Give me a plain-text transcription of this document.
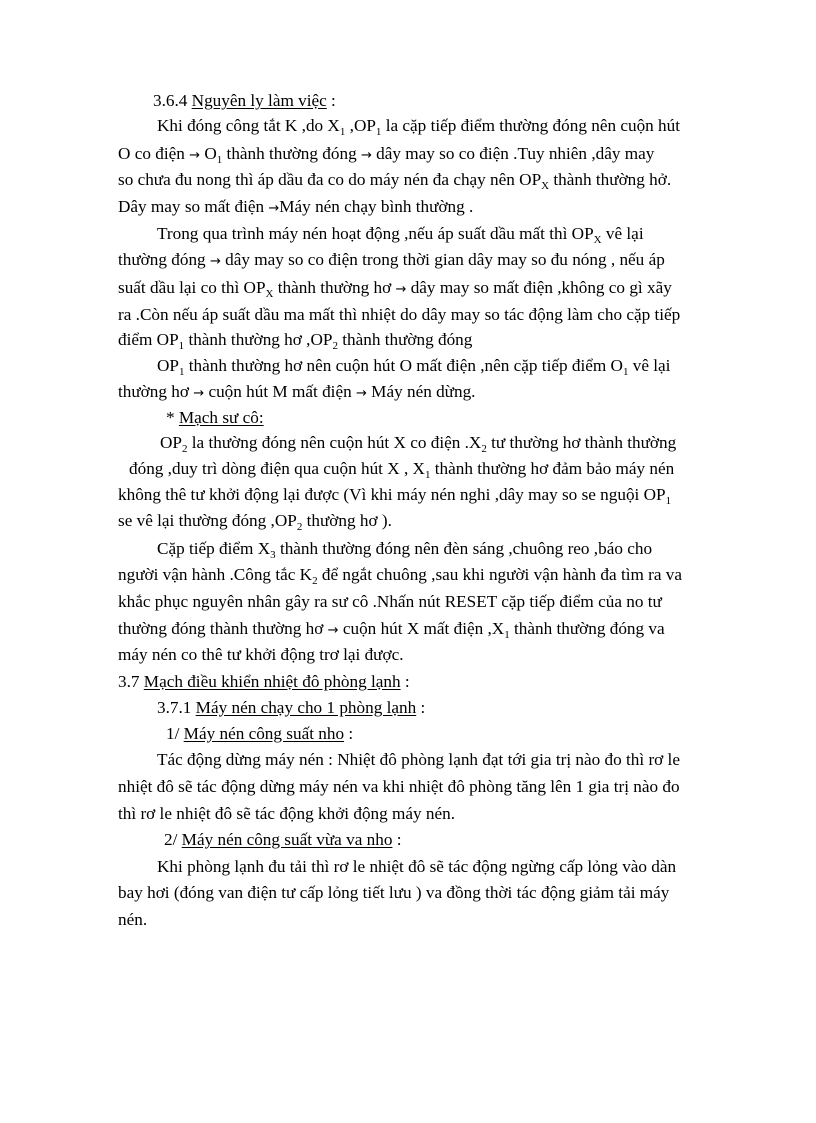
3.6.4 Nguyên ly làm việc :
Khi đóng công tắt K ,do $X_1$ $,OP_1$ la cặp tiếp điểm thường đóng nên cuộn hút
O co điện → $O_1$ thành thường đóng → dây may so co điện .Tuy nhiên ,dây may
so chưa đu nong thì áp dầu đa co do máy nén đa chạy nên $OP_X$ thành thường hở.
Dây may so mất điện →Máy nén chạy bình thường .
Trong qua trình máy nén hoạt động ,nếu áp suất dầu mất thì $OP_X$ vê lại
thường đóng → dây may so co điện trong thời gian dây may so đu nóng , nếu áp
suất dầu lại co thì $OP_X$ thành thường hơ → dây may so mất điện ,không co gì xãy
ra .Còn nếu áp suất dầu ma mất thì nhiệt do dây may so tác động làm cho cặp tiếp
điểm $OP_1$ thành thường hơ $,OP_2$ thành thường đóng
$OP_1$ thành thường hơ nên cuộn hút O mất điện ,nên cặp tiếp điểm $O_1$ vê lại
thường hơ → cuộn hút M mất điện → Máy nén dừng.
* Mạch sư cô:
$OP_2$ la thường đóng nên cuộn hút X co điện $.X_2$ tư thường hơ thành thường
đóng ,duy trì dòng điện qua cuộn hút X , $X_1$ thành thường hơ đảm bảo máy nén
không thê tư khởi động lại được (Vì khi máy nén nghi ,dây may so se nguội $OP_1$
se vê lại thường đóng $,OP_2$ thường hơ ).
Cặp tiếp điểm $X_3$ thành thường đóng nên đèn sáng ,chuông reo ,báo cho
người vận hành .Công tắc $K_2$ để ngắt chuông ,sau khi người vận hành đa tìm ra va
khắc phục nguyên nhân gây ra sư cô .Nhấn nút RESET cặp tiếp điểm của no tư
thường đóng thành thường hơ → cuộn hút X mất điện $,X_1$ thành thường đóng va
máy nén co thê tư khởi động trơ lại được.
3.7 Mạch điều khiển nhiệt đô phòng lạnh :
3.7.1 Máy nén chạy cho 1 phòng lạnh :
1/ Máy nén công suất nho :
Tác động dừng máy nén : Nhiệt đô phòng lạnh đạt tới gia trị nào đo thì rơ le
nhiệt đô sẽ tác động dừng máy nén va khi nhiệt đô phòng tăng lên 1 gia trị nào đo
thì rơ le nhiệt đô sẽ tác động khởi động máy nén.
2/ Máy nén công suất vừa va nho :
Khi phòng lạnh đu tải thì rơ le nhiệt đô sẽ tác động ngừng cấp lỏng vào dàn
bay hơi (đóng van điện tư cấp lỏng tiết lưu ) va đồng thời tác động giảm tải máy
nén.
